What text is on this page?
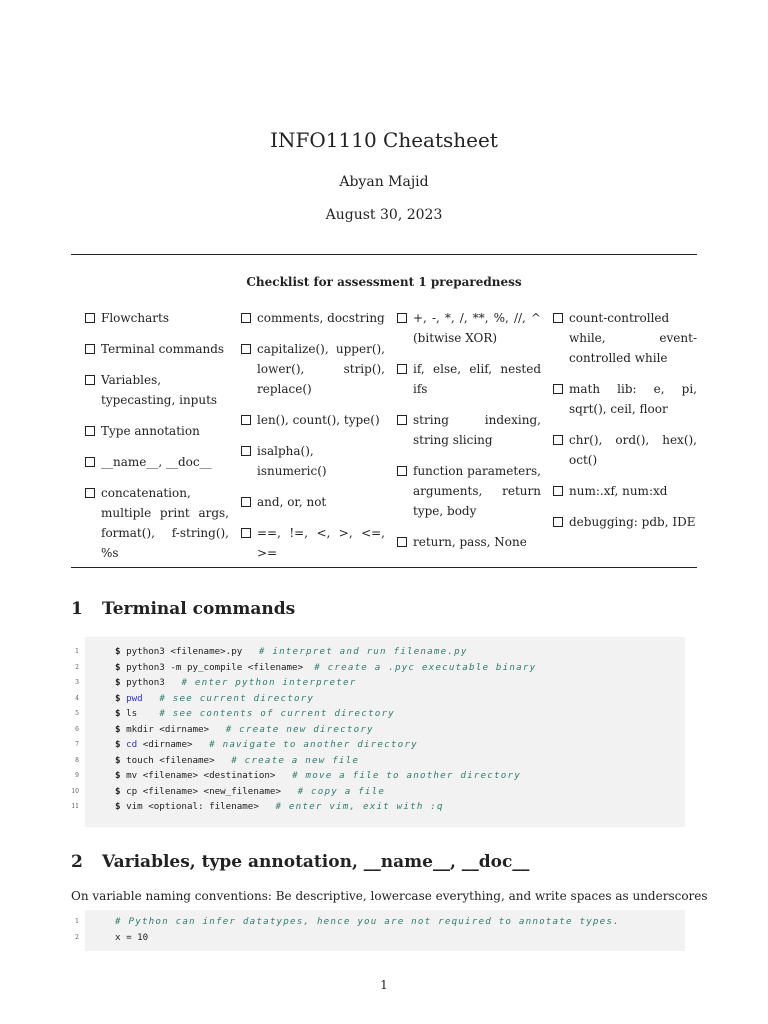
INFO1110 Cheatsheet
Abyan Majid
August 30, 2023
Checklist for assessment 1 preparedness
Flowcharts
Terminal commands
Variables, typecasting, inputs
Type annotation
__name__, __doc__
concatenation, multiple print args, format(), f-string(), %s
comments, docstring
capitalize(), upper(), lower(), strip(), replace()
len(), count(), type()
isalpha(), isnumeric()
and, or, not
==, !=, <, >, <=, >=
+, -, *, /, **, %, //, ^ (bitwise XOR)
if, else, elif, nested ifs
string indexing, string slicing
function parameters, arguments, return type, body
return, pass, None
count-controlled while, event-controlled while
math lib: e, pi, sqrt(), ceil, floor
chr(), ord(), hex(), oct()
num:.xf, num:xd
debugging: pdb, IDE
1 Terminal commands
1	$ python3 <filename>.py # interpret and run filename.py
2	$ python3 -m py_compile <filename> # create a .pyc executable binary
3	$ python3 # enter python interpreter
4	$ pwd # see current directory
5	$ ls # see contents of current directory
6	$ mkdir <dirname> # create new directory
7	$ cd <dirname> # navigate to another directory
8	$ touch <filename> # create a new file
9	$ mv <filename> <destination> # move a file to another directory
10	$ cp <filename> <new_filename> # copy a file
11	$ vim <optional: filename> # enter vim, exit with :q
2 Variables, type annotation, __name__, __doc__
On variable naming conventions: Be descriptive, lowercase everything, and write spaces as underscores
1	# Python can infer datatypes, hence you are not required to annotate types.
2	x = 10
1
